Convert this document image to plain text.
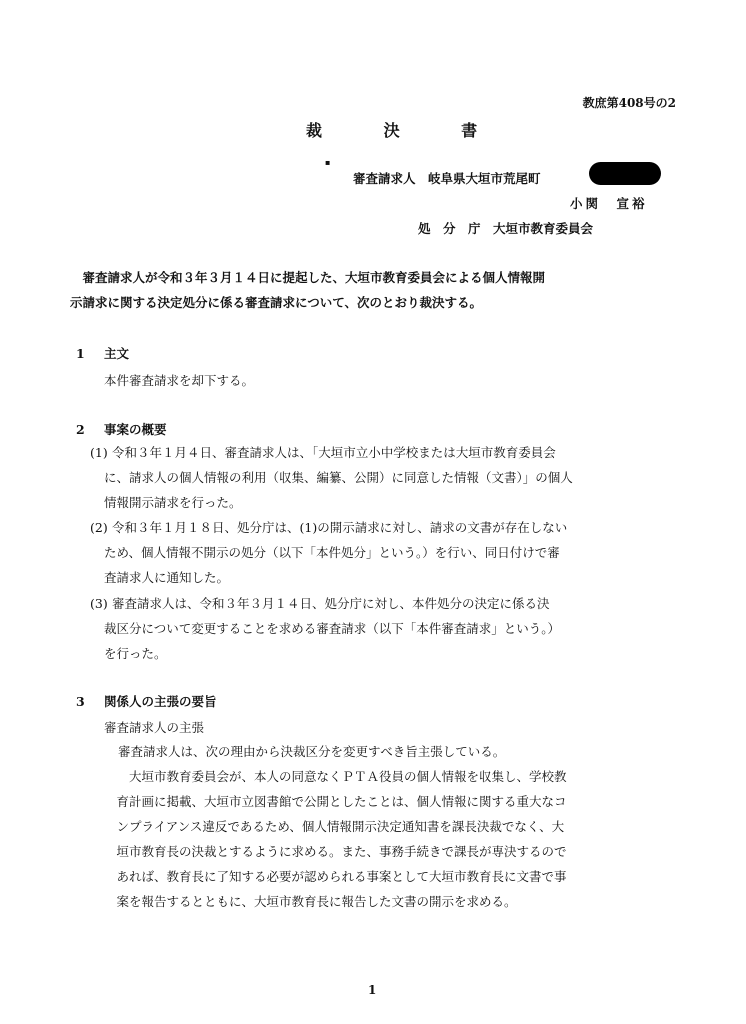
教庶第408号の2
裁 決 書
▪
審査請求人　岐阜県大垣市荒尾町
小関　宣裕
処　分　庁　大垣市教育委員会
　審査請求人が令和３年３月１４日に提起した、大垣市教育委員会による個人情報開
示請求に関する決定処分に係る審査請求について、次のとおり裁決する。
1 主文
本件審査請求を却下する。
2 事案の概要
(1) 令和３年１月４日、審査請求人は、「大垣市立小中学校または大垣市教育委員会
に、請求人の個人情報の利用（収集、編纂、公開）に同意した情報（文書）」の個人
情報開示請求を行った。
(2) 令和３年１月１８日、処分庁は、(1)の開示請求に対し、請求の文書が存在しない
ため、個人情報不開示の処分（以下「本件処分」という。）を行い、同日付けで審
査請求人に通知した。
(3) 審査請求人は、令和３年３月１４日、処分庁に対し、本件処分の決定に係る決
裁区分について変更することを求める審査請求（以下「本件審査請求」という。）
を行った。
3 関係人の主張の要旨
審査請求人の主張
審査請求人は、次の理由から決裁区分を変更すべき旨主張している。
　　大垣市教育委員会が、本人の同意なくＰＴＡ役員の個人情報を収集し、学校教
　育計画に掲載、大垣市立図書館で公開としたことは、個人情報に関する重大なコ
　ンプライアンス違反であるため、個人情報開示決定通知書を課長決裁でなく、大
　垣市教育長の決裁とするように求める。また、事務手続きで課長が専決するので
　あれば、教育長に了知する必要が認められる事案として大垣市教育長に文書で事
　案を報告するとともに、大垣市教育長に報告した文書の開示を求める。
1
